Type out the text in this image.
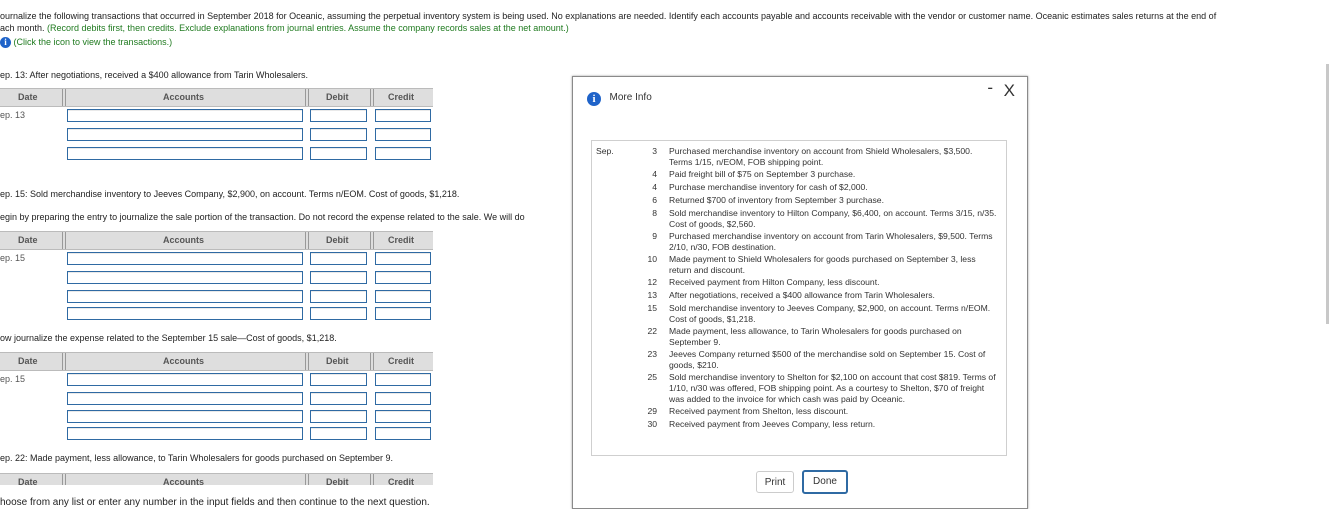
ournalize the following transactions that occurred in September 2018 for Oceanic, assuming the perpetual inventory system is being used. No explanations are needed. Identify each accounts payable and accounts receivable with the vendor or customer name. Oceanic estimates sales returns at the end of
ach month. (Record debits first, then credits. Exclude explanations from journal entries. Assume the company records sales at the net amount.)
i (Click the icon to view the transactions.)
ep. 13: After negotiations, received a $400 allowance from Tarin Wholesalers.
Date	Accounts	Debit	Credit
ep. 13
ep. 15: Sold merchandise inventory to Jeeves Company, $2,900, on account. Terms n/EOM. Cost of goods, $1,218.
egin by preparing the entry to journalize the sale portion of the transaction. Do not record the expense related to the sale. We will do
Date	Accounts	Debit	Credit
ep. 15
ow journalize the expense related to the September 15 sale—Cost of goods, $1,218.
Date	Accounts	Debit	Credit
ep. 15
ep. 22: Made payment, less allowance, to Tarin Wholesalers for goods purchased on September 9.
Date	Accounts	Debit	Credit
hoose from any list or enter any number in the input fields and then continue to the next question.
i More Info
- X
Sep.	3 Purchased merchandise inventory on account from Shield Wholesalers, $3,500. Terms 1/15, n/EOM, FOB shipping point.
4 Paid freight bill of $75 on September 3 purchase.
4 Purchase merchandise inventory for cash of $2,000.
6 Returned $700 of inventory from September 3 purchase.
8 Sold merchandise inventory to Hilton Company, $6,400, on account. Terms 3/15, n/35. Cost of goods, $2,560.
9 Purchased merchandise inventory on account from Tarin Wholesalers, $9,500. Terms 2/10, n/30, FOB destination.
10 Made payment to Shield Wholesalers for goods purchased on September 3, less return and discount.
12 Received payment from Hilton Company, less discount.
13 After negotiations, received a $400 allowance from Tarin Wholesalers.
15 Sold merchandise inventory to Jeeves Company, $2,900, on account. Terms n/EOM. Cost of goods, $1,218.
22 Made payment, less allowance, to Tarin Wholesalers for goods purchased on September 9.
23 Jeeves Company returned $500 of the merchandise sold on September 15. Cost of goods, $210.
25 Sold merchandise inventory to Shelton for $2,100 on account that cost $819. Terms of 1/10, n/30 was offered, FOB shipping point. As a courtesy to Shelton, $70 of freight was added to the invoice for which cash was paid by Oceanic.
29 Received payment from Shelton, less discount.
30 Received payment from Jeeves Company, less return.
Print	Done
